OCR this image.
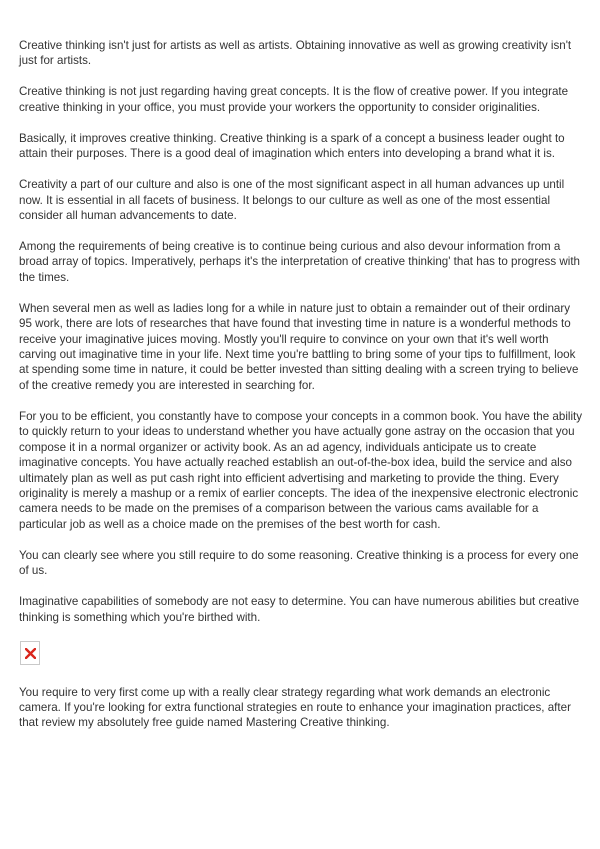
Creative thinking isn't just for artists as well as artists. Obtaining innovative as well as growing creativity isn't just for artists.

Creative thinking is not just regarding having great concepts. It is the flow of creative power. If you integrate creative thinking in your office, you must provide your workers the opportunity to consider originalities.

Basically, it improves creative thinking. Creative thinking is a spark of a concept a business leader ought to attain their purposes. There is a good deal of imagination which enters into developing a brand what it is.

Creativity a part of our culture and also is one of the most significant aspect in all human advances up until now. It is essential in all facets of business. It belongs to our culture as well as one of the most essential consider all human advancements to date.

Among the requirements of being creative is to continue being curious and also devour information from a broad array of topics. Imperatively, perhaps it's the interpretation of creative thinking' that has to progress with the times.

When several men as well as ladies long for a while in nature just to obtain a remainder out of their ordinary 95 work, there are lots of researches that have found that investing time in nature is a wonderful methods to receive your imaginative juices moving. Mostly you'll require to convince on your own that it's well worth carving out imaginative time in your life. Next time you're battling to bring some of your tips to fulfillment, look at spending some time in nature, it could be better invested than sitting dealing with a screen trying to believe of the creative remedy you are interested in searching for.

For you to be efficient, you constantly have to compose your concepts in a common book. You have the ability to quickly return to your ideas to understand whether you have actually gone astray on the occasion that you compose it in a normal organizer or activity book. As an ad agency, individuals anticipate us to create imaginative concepts. You have actually reached establish an out-of-the-box idea, build the service and also ultimately plan as well as put cash right into efficient advertising and marketing to provide the thing. Every originality is merely a mashup or a remix of earlier concepts. The idea of the inexpensive electronic electronic camera needs to be made on the premises of a comparison between the various cams available for a particular job as well as a choice made on the premises of the best worth for cash.

You can clearly see where you still require to do some reasoning. Creative thinking is a process for every one of us.

Imaginative capabilities of somebody are not easy to determine. You can have numerous abilities but creative thinking is something which you're birthed with.

You require to very first come up with a really clear strategy regarding what work demands an electronic camera. If you're looking for extra functional strategies en route to enhance your imagination practices, after that review my absolutely free guide named Mastering Creative thinking.
